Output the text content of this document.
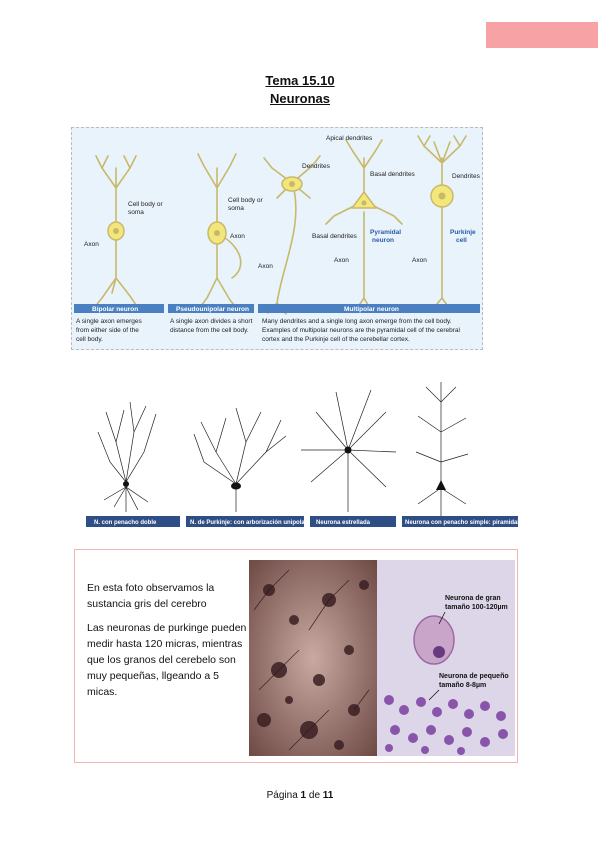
Tema 15.10
Neuronas
Cell body or
soma
Axon
Cell body or
soma
Axon
Dendrites
Axon
Apical dendrites
Basal dendrites
Basal dendrites
Pyramidal
neuron
Axon
Dendrites
Purkinje
cell
Axon
Bipolar neuron	Pseudounipolar neuron	Multipolar neuron
A single axon emerges
from either side of the
cell body.
A single axon divides a short
distance from the cell body.
Many dendrites and a single long axon emerge from the cell body.
Examples of multipolar neurons are the pyramidal cell of the cerebral
cortex and the Purkinje cell of the cerebellar cortex.
N. con penacho doble	N. de Purkinje: con arborización unipolar. Neurona estrellada	Neurona con penacho simple: piramidal.

En esta foto observamos la
sustancia gris del cerebro

Las neuronas de purkinge pueden
medir hasta 120 micras, mientras
que los granos del cerebelo son
muy pequeñas, llgeando a 5
micas.

Neurona de gran
tamaño 100-120µm
Neurona de pequeño
tamaño 8-8µm
Página 1 de 11
